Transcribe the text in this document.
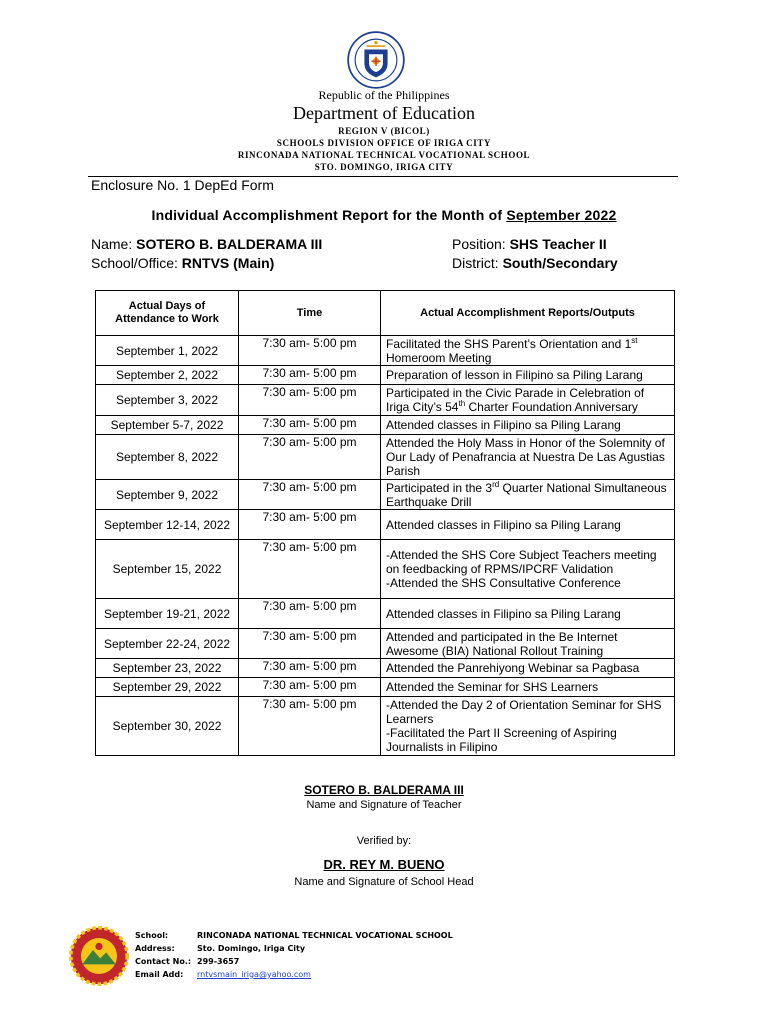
Republic of the Philippines
Department of Education
REGION V (BICOL)
SCHOOLS DIVISION OFFICE OF IRIGA CITY
RINCONADA NATIONAL TECHNICAL VOCATIONAL SCHOOL
STO. DOMINGO, IRIGA CITY
Enclosure No. 1 DepEd Form
Individual Accomplishment Report for the Month of September 2022
Name: SOTERO B. BALDERAMA III
School/Office: RNTVS (Main)
Position: SHS Teacher II
District: South/Secondary
Actual Days of Attendance to Work	Time	Actual Accomplishment Reports/Outputs
September 1, 2022	7:30 am- 5:00 pm	Facilitated the SHS Parent’s Orientation and 1st Homeroom Meeting

September 2, 2022	7:30 am- 5:00 pm	Preparation of lesson in Filipino sa Piling Larang

September 3, 2022	7:30 am- 5:00 pm	Participated in the Civic Parade in Celebration of Iriga City’s 54th Charter Foundation Anniversary

September 5-7, 2022	7:30 am- 5:00 pm	Attended classes in Filipino sa Piling Larang

September 8, 2022	7:30 am- 5:00 pm	Attended the Holy Mass in Honor of the Solemnity of Our Lady of Penafrancia at Nuestra De Las Agustias Parish

September 9, 2022	7:30 am- 5:00 pm	Participated in the 3rd Quarter National Simultaneous Earthquake Drill

September 12-14, 2022	7:30 am- 5:00 pm	Attended classes in Filipino sa Piling Larang

September 15, 2022	7:30 am- 5:00 pm	-Attended the SHS Core Subject Teachers meeting on feedbacking of RPMS/IPCRF Validation
-Attended the SHS Consultative Conference

September 19-21, 2022	7:30 am- 5:00 pm	Attended classes in Filipino sa Piling Larang

September 22-24, 2022	7:30 am- 5:00 pm	Attended and participated in the Be Internet Awesome (BIA) National Rollout Training

September 23, 2022	7:30 am- 5:00 pm	Attended the Panrehiyong Webinar sa Pagbasa

September 29, 2022	7:30 am- 5:00 pm	Attended the Seminar for SHS Learners

September 30, 2022	7:30 am- 5:00 pm	-Attended the Day 2 of Orientation Seminar for SHS Learners
-Facilitated the Part II Screening of Aspiring Journalists in Filipino
SOTERO B. BALDERAMA III
Name and Signature of Teacher
Verified by:
DR. REY M. BUENO
Name and Signature of School Head
School:	RINCONADA NATIONAL TECHNICAL VOCATIONAL SCHOOL
Address:	Sto. Domingo, Iriga City
Contact No.: 299-3657
Email Add:	rntvsmain_iriga@yahoo.com
